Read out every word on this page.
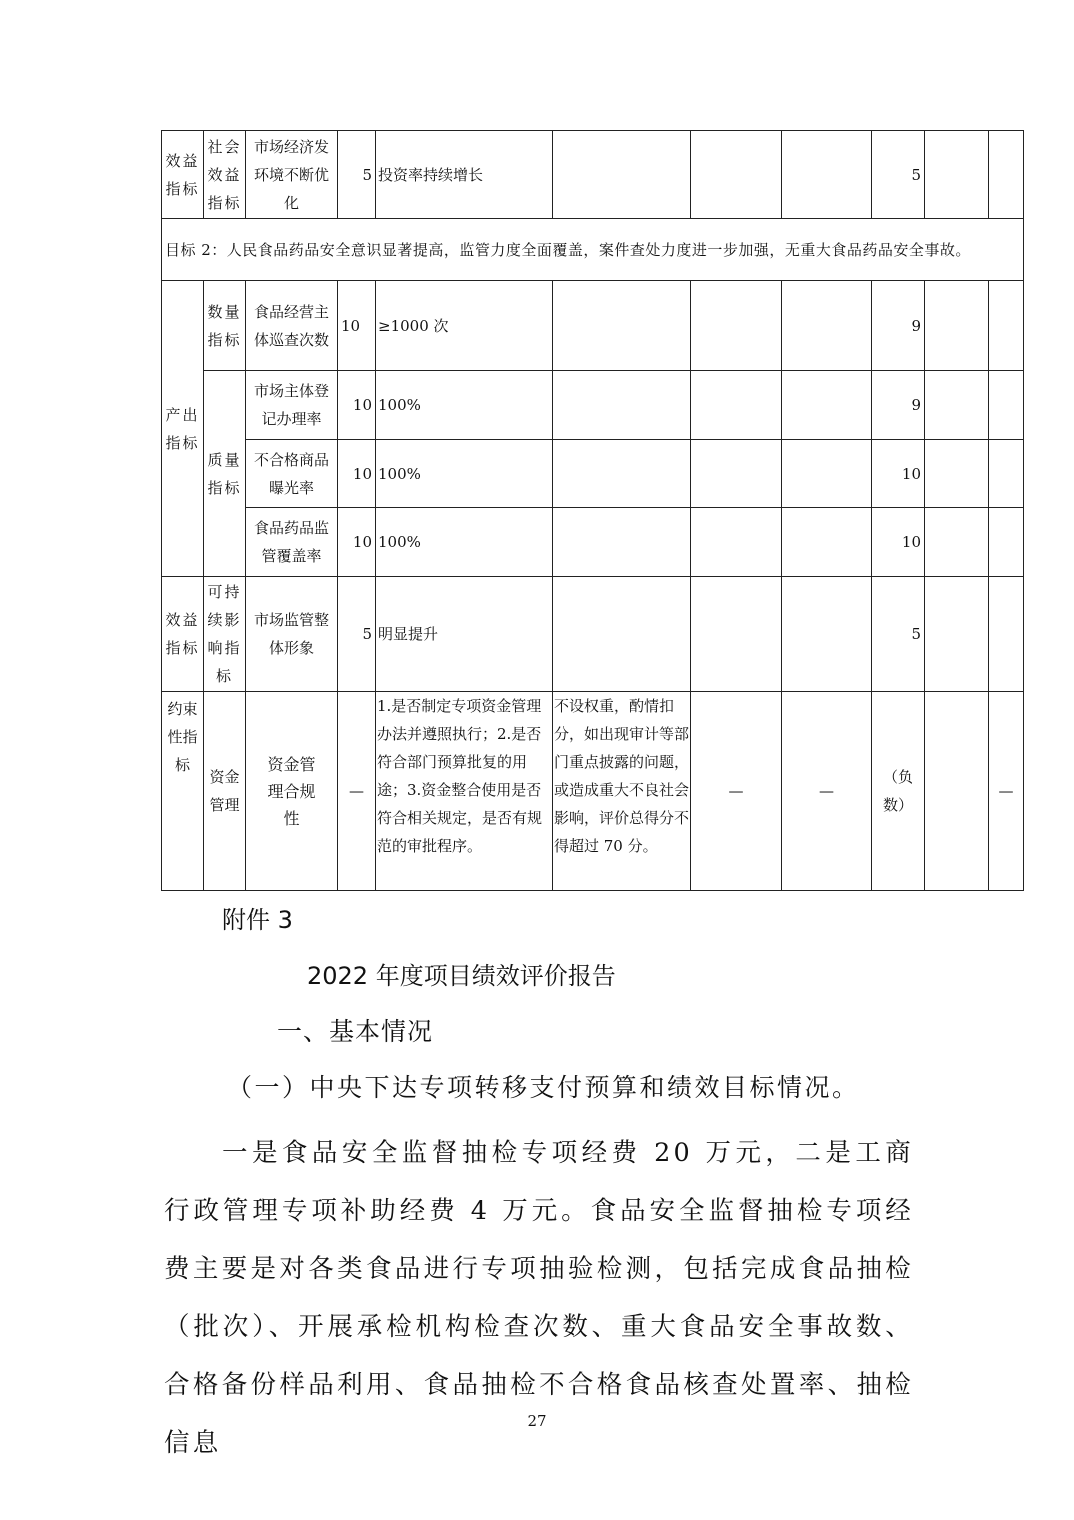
效益指标	社会效益指标	市场经济发环境不断优化	5	投资率持续增长				5		
目标 2：人民食品药品安全意识显著提高，监管力度全面覆盖，案件查处力度进一步加强，无重大食品药品安全事故。										
产出指标	数量指标	食品经营主体巡查次数	10	≥1000 次				9		
	质量指标	市场主体登记办理率	10	100%				9		
		不合格商品曝光率	10	100%				10		
		食品药品监管覆盖率	10	100%				10		
效益指标	可持续影响指标	市场监管整体形象	5	明显提升				5		
约束性指标	资金管理	资金管理合规性	—	1.是否制定专项资金管理办法并遵照执行；2.是否符合部门预算批复的用途；3.资金整合使用是否符合相关规定，是否有规范的审批程序。	不设权重，酌情扣分，如出现审计等部门重点披露的问题，或造成重大不良社会影响，评价总得分不得超过 70 分。	—	—	（负数）		—
附件 3
2022 年度项目绩效评价报告
一、基本情况
（一）中央下达专项转移支付预算和绩效目标情况。

一是食品安全监督抽检专项经费 20 万元，二是工商行政管理专项补助经费 4 万元。食品安全监督抽检专项经费主要是对各类食品进行专项抽验检测，包括完成食品抽检（批次）、开展承检机构检查次数、重大食品安全事故数、合格备份样品利用、食品抽检不合格食品核查处置率、抽检信息

27
